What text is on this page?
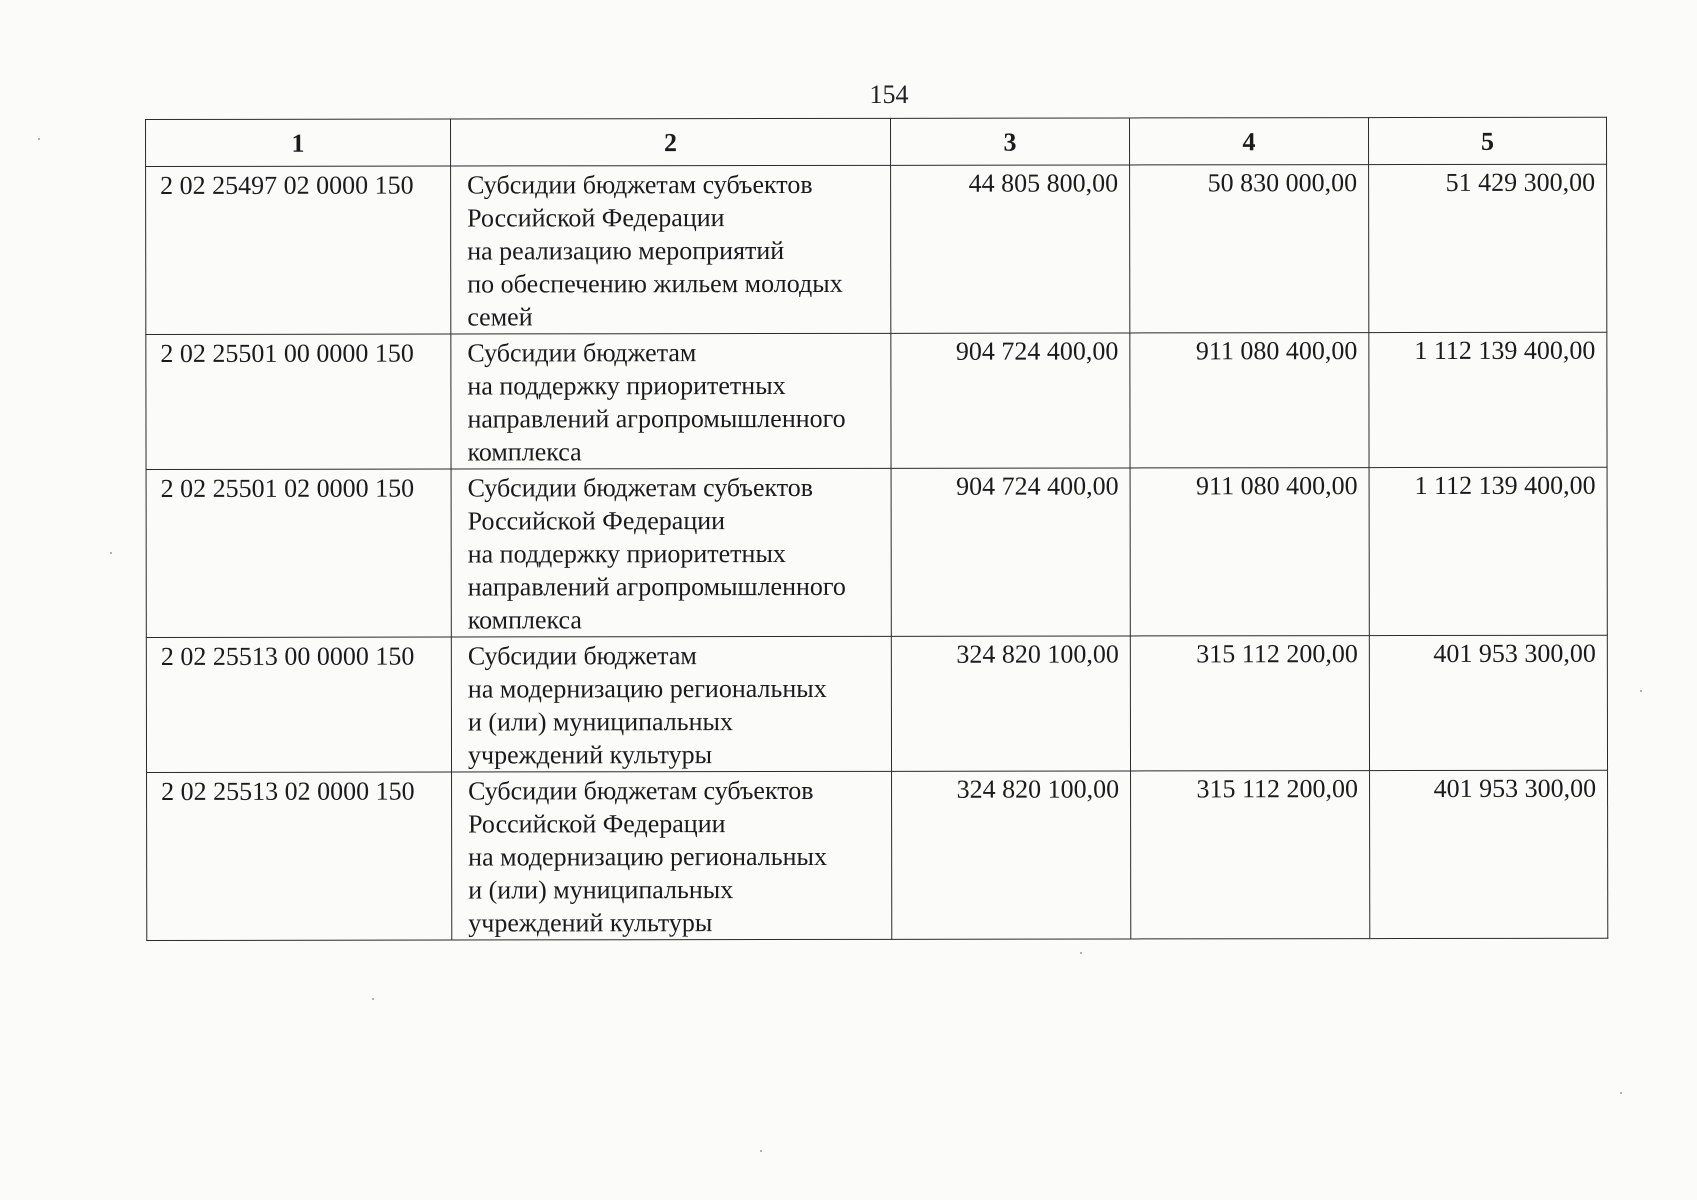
154
1	2	3	4	5
2 02 25497 02 0000 150	Субсидии бюджетам субъектов
Российской Федерации
на реализацию мероприятий
по обеспечению жильем молодых
семей	44 805 800,00	50 830 000,00	51 429 300,00
2 02 25501 00 0000 150	Субсидии бюджетам
на поддержку приоритетных
направлений агропромышленного
комплекса	904 724 400,00	911 080 400,00	1 112 139 400,00
2 02 25501 02 0000 150	Субсидии бюджетам субъектов
Российской Федерации
на поддержку приоритетных
направлений агропромышленного
комплекса	904 724 400,00	911 080 400,00	1 112 139 400,00
2 02 25513 00 0000 150	Субсидии бюджетам
на модернизацию региональных
и (или) муниципальных
учреждений культуры	324 820 100,00	315 112 200,00	401 953 300,00
2 02 25513 02 0000 150	Субсидии бюджетам субъектов
Российской Федерации
на модернизацию региональных
и (или) муниципальных
учреждений культуры	324 820 100,00	315 112 200,00	401 953 300,00
